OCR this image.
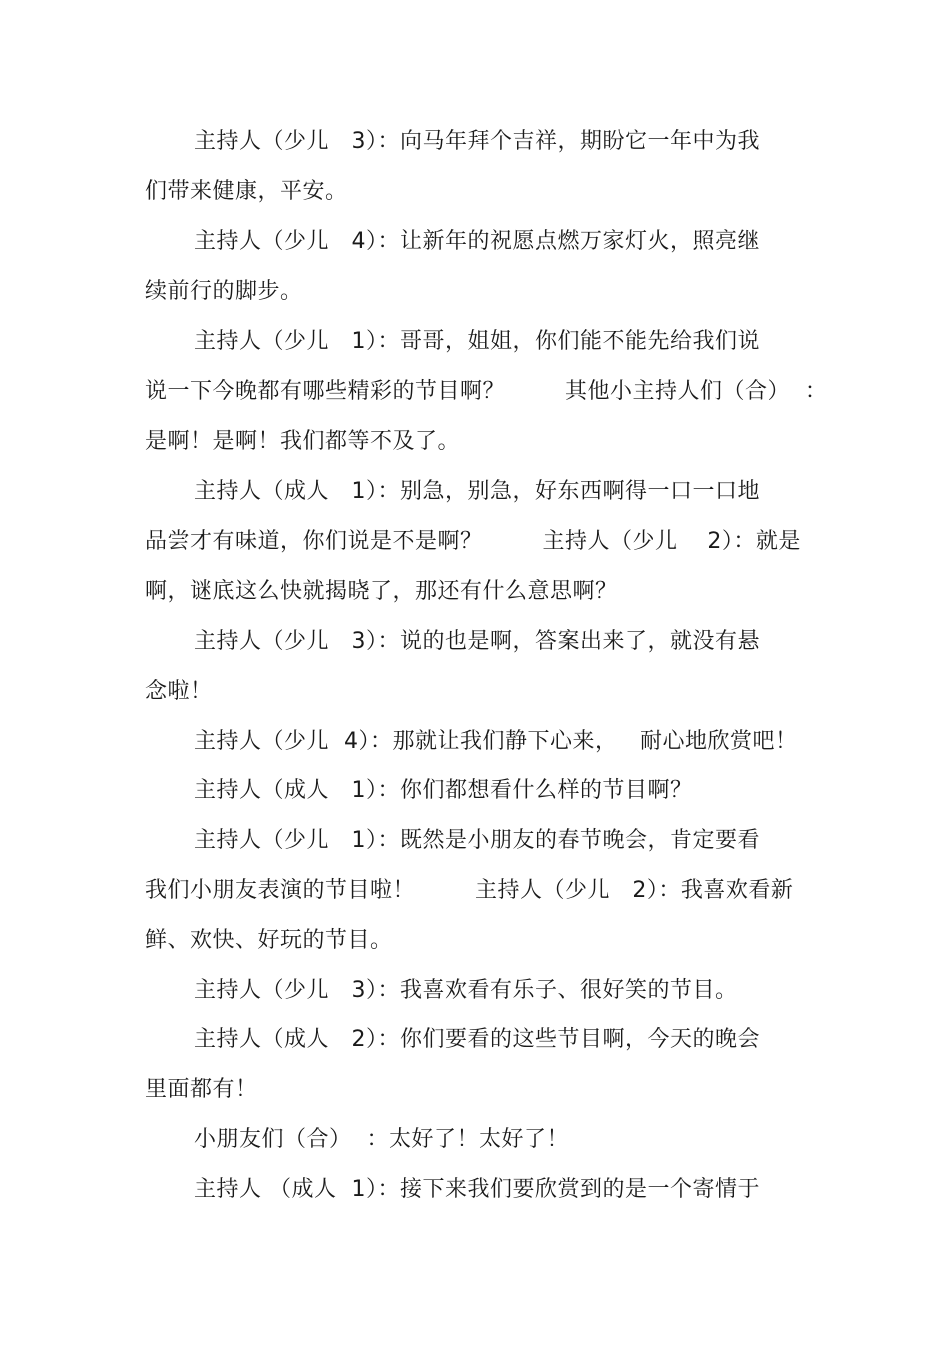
主持人（少儿   3）：向马年拜个吉祥，期盼它一年中为我
们带来健康，平安。
主持人（少儿   4）：让新年的祝愿点燃万家灯火，照亮继
续前行的脚步。
主持人（少儿   1）：哥哥，姐姐，你们能不能先给我们说
说一下今晚都有哪些精彩的节目啊？        其他小主持人们（合）  ：
是啊！是啊！我们都等不及了。
主持人（成人   1）：别急，别急，好东西啊得一口一口地
品尝才有味道，你们说是不是啊？        主持人（少儿    2）：就是
啊，谜底这么快就揭晓了，那还有什么意思啊？
主持人（少儿   3）：说的也是啊，答案出来了，就没有悬
念啦！
主持人（少儿  4）：那就让我们静下心来，   耐心地欣赏吧！
主持人（成人   1）：你们都想看什么样的节目啊？
主持人（少儿   1）：既然是小朋友的春节晚会，肯定要看
我们小朋友表演的节目啦！        主持人（少儿   2）：我喜欢看新
鲜、欢快、好玩的节目。
主持人（少儿   3）：我喜欢看有乐子、很好笑的节目。
主持人（成人   2）：你们要看的这些节目啊，今天的晚会
里面都有！
小朋友们（合）  ：太好了！太好了！
主持人 （成人  1）：接下来我们要欣赏到的是一个寄情于
